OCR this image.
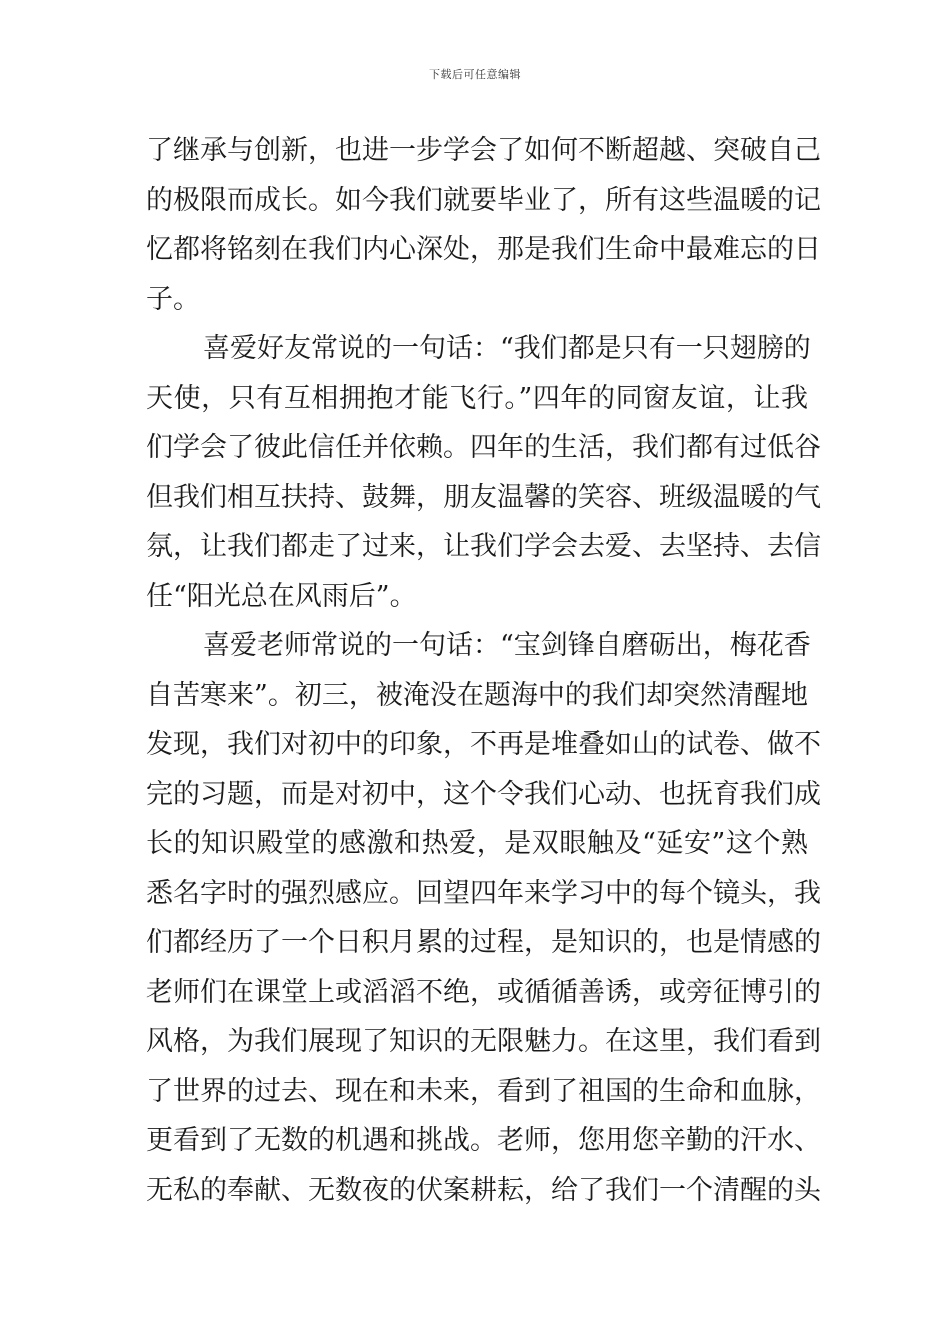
下载后可任意编辑
了继承与创新，也进一步学会了如何不断超越、突破自己
的极限而成长。如今我们就要毕业了，所有这些温暖的记
忆都将铭刻在我们内心深处，那是我们生命中最难忘的日
子。
喜爱好友常说的一句话：“我们都是只有一只翅膀的
天使，只有互相拥抱才能飞行。”四年的同窗友谊，让我
们学会了彼此信任并依赖。四年的生活，我们都有过低谷
但我们相互扶持、鼓舞，朋友温馨的笑容、班级温暖的气
氛，让我们都走了过来，让我们学会去爱、去坚持、去信
任“阳光总在风雨后”。
喜爱老师常说的一句话：“宝剑锋自磨砺出，梅花香
自苦寒来”。初三，被淹没在题海中的我们却突然清醒地
发现，我们对初中的印象，不再是堆叠如山的试卷、做不
完的习题，而是对初中，这个令我们心动、也抚育我们成
长的知识殿堂的感激和热爱，是双眼触及“延安”这个熟
悉名字时的强烈感应。回望四年来学习中的每个镜头，我
们都经历了一个日积月累的过程，是知识的，也是情感的
老师们在课堂上或滔滔不绝，或循循善诱，或旁征博引的
风格，为我们展现了知识的无限魅力。在这里，我们看到
了世界的过去、现在和未来，看到了祖国的生命和血脉，
更看到了无数的机遇和挑战。老师，您用您辛勤的汗水、
无私的奉献、无数夜的伏案耕耘，给了我们一个清醒的头
